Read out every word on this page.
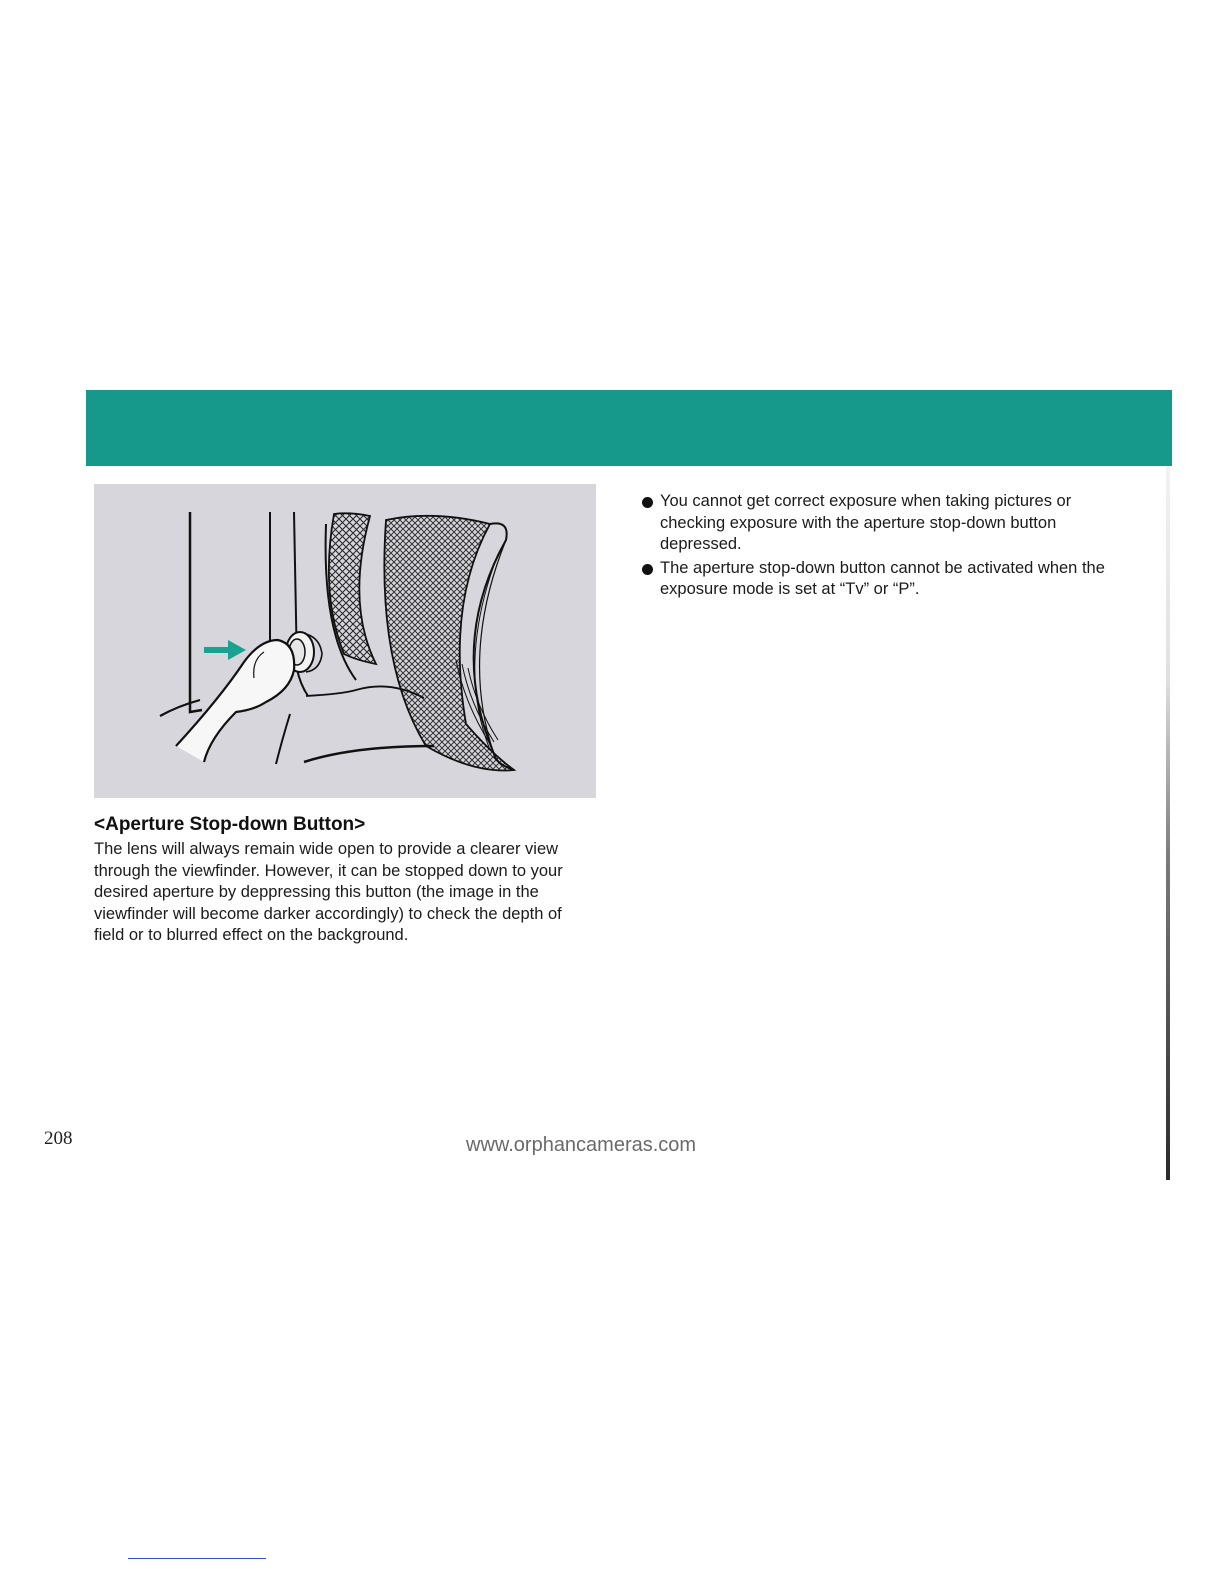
<Aperture Stop-down Button>

The lens will always remain wide open to provide a clearer view through the viewfinder. However, it can be stopped down to your desired aperture by deppressing this button (the image in the viewfinder will become darker accordingly) to check the depth of field or to blurred effect on the background.

You cannot get correct exposure when taking pictures or checking exposure with the aperture stop-down button depressed.
The aperture stop-down button cannot be activated when the exposure mode is set at “Tv” or “P”.
208	www.orphancameras.com
